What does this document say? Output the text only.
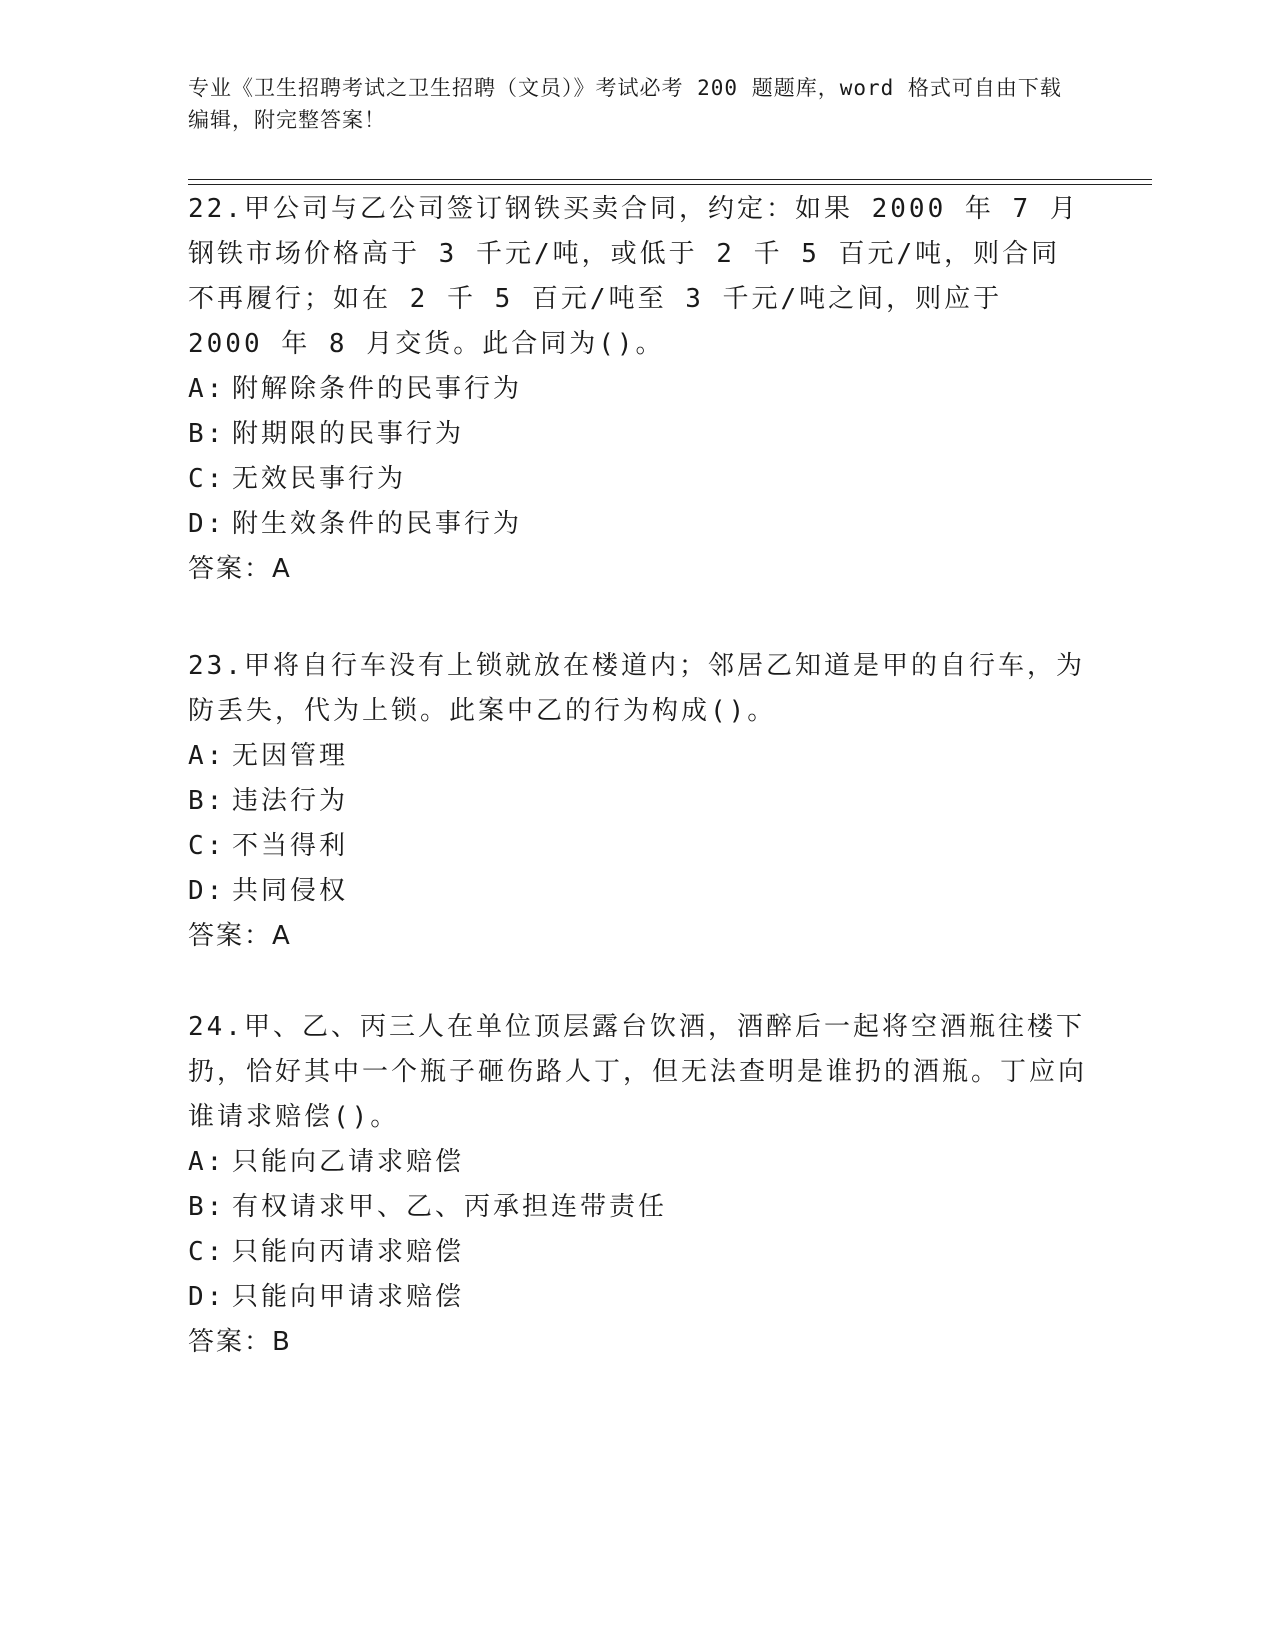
专业《卫生招聘考试之卫生招聘（文员）》考试必考 200 题题库，word 格式可自由下载编辑，附完整答案！
22.甲公司与乙公司签订钢铁买卖合同，约定：如果 2000 年 7 月钢铁市场价格高于 3 千元/吨，或低于 2 千 5 百元/吨，则合同不再履行；如在 2 千 5 百元/吨至 3 千元/吨之间，则应于 2000 年 8 月交货。此合同为()。
A: 附解除条件的民事行为
B: 附期限的民事行为
C: 无效民事行为
D: 附生效条件的民事行为
答案：A
23.甲将自行车没有上锁就放在楼道内；邻居乙知道是甲的自行车，为防丢失，代为上锁。此案中乙的行为构成()。
A: 无因管理
B: 违法行为
C: 不当得利
D: 共同侵权
答案：A
24.甲、乙、丙三人在单位顶层露台饮酒，酒醉后一起将空酒瓶往楼下扔，恰好其中一个瓶子砸伤路人丁，但无法查明是谁扔的酒瓶。丁应向谁请求赔偿()。
A: 只能向乙请求赔偿
B: 有权请求甲、乙、丙承担连带责任
C: 只能向丙请求赔偿
D: 只能向甲请求赔偿
答案：B
